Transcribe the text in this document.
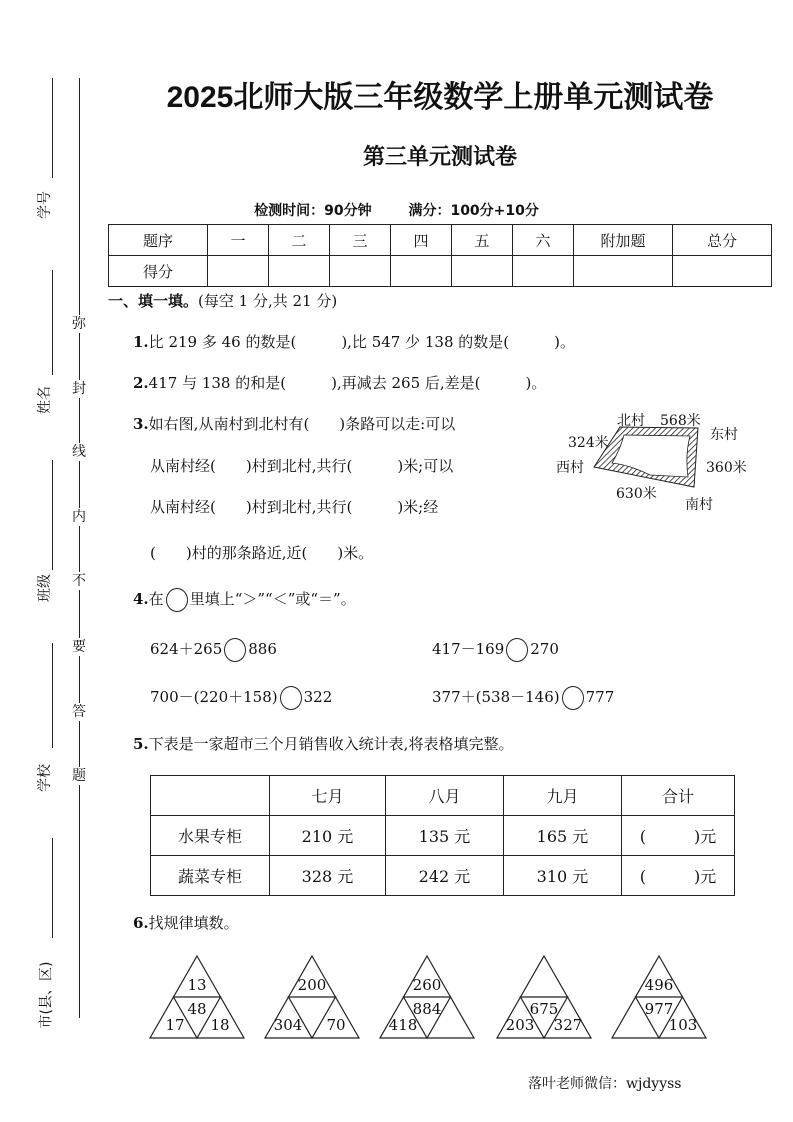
学号
姓名
班级
学校
市(县、区)
弥
封
线
内
不
要
答
题
2025北师大版三年级数学上册单元测试卷
第三单元测试卷
检测时间：90分钟	满分：100分+10分
题序	一	二	三	四	五	六	附加题	总分
得分								
一、填一填。(每空 1 分,共 21 分)
1.比 219 多 46 的数是(　　　),比 547 少 138 的数是(　　　)。
2.417 与 138 的和是(　　　),再减去 265 后,差是(　　　)。
3.如右图,从南村到北村有(　　)条路可以走:可以
从南村经(　　)村到北村,共行(　　　)米;可以
从南村经(　　)村到北村,共行(　　　)米;经
(　　)村的那条路近,近(　　)米。
北村 568米
东村
324米
西村	360米
630米
南村
4.在 里填上“＞”“＜”或“＝”。
624＋265 886	417－169 270
700－(220＋158) 322	377＋(538－146) 777
5.下表是一家超市三个月销售收入统计表,将表格填完整。
	七月	八月	九月	合计
水果专柜	210 元	135 元	165 元	(　　　)元
蔬菜专柜	328 元	242 元	310 元	(　　　)元
6.找规律填数。
13
48
17	18
200
304	70
260
884
418
675
203 327
496
977
103
落叶老师微信：wjdyyss
